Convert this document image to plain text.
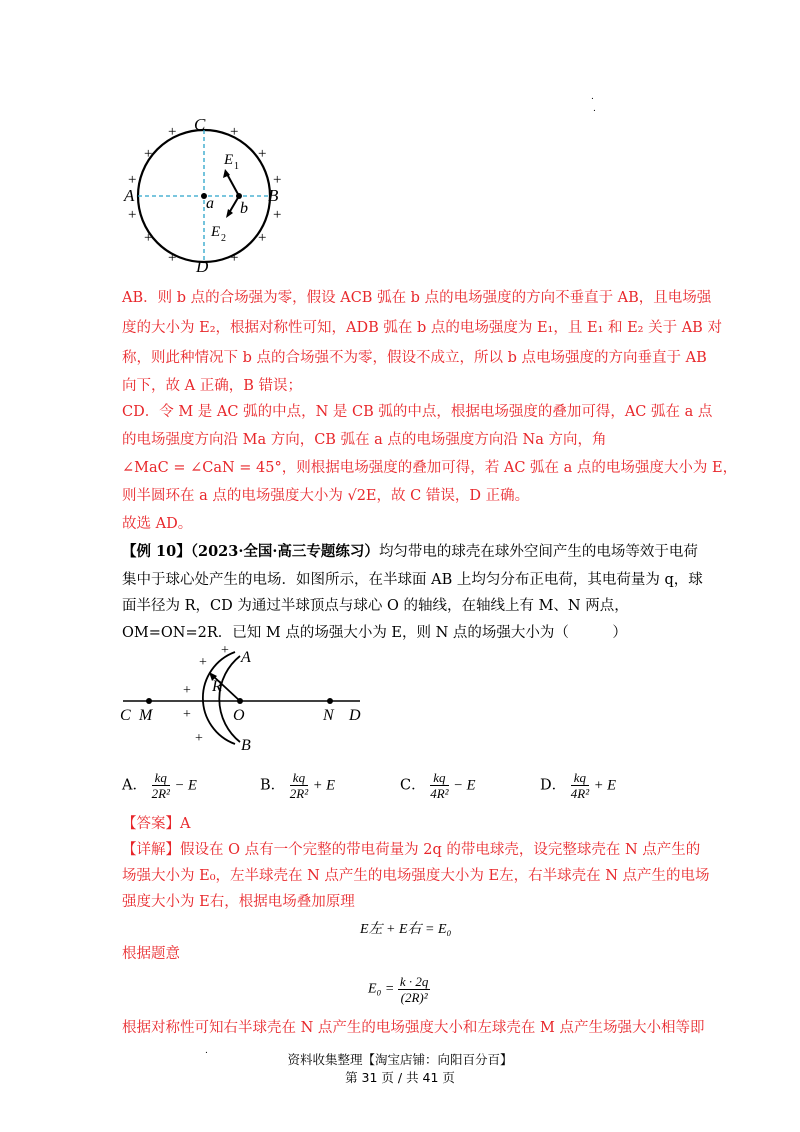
.
.
C
A	B
D
a b
E 1
E 2
+	+
+	+
+	+
+	+
+	+
+	+
AB．则 b 点的合场强为零，假设 ACB 弧在 b 点的电场强度的方向不垂直于 AB，且电场强
度的大小为 E₂，根据对称性可知，ADB 弧在 b 点的电场强度为 E₁，且 E₁ 和 E₂ 关于 AB 对
称，则此种情况下 b 点的合场强不为零，假设不成立，所以 b 点电场强度的方向垂直于 AB
向下，故 A 正确，B 错误；
CD．令 M 是 AC 弧的中点，N 是 CB 弧的中点，根据电场强度的叠加可得，AC 弧在 a 点
的电场强度方向沿 Ma 方向，CB 弧在 a 点的电场强度方向沿 Na 方向，角
∠MaC = ∠CaN = 45°，则根据电场强度的叠加可得，若 AC 弧在 a 点的电场强度大小为 E，
则半圆环在 a 点的电场强度大小为 √2E，故 C 错误，D 正确。
故选 AD。
【例 10】（2023·全国·高三专题练习）均匀带电的球壳在球外空间产生的电场等效于电荷
集中于球心处产生的电场．如图所示，在半球面 AB 上均匀分布正电荷，其电荷量为 q，球
面半径为 R，CD 为通过半球顶点与球心 O 的轴线，在轴线上有 M、N 两点，
OM=ON=2R．已知 M 点的场强大小为 E，则 N 点的场强大小为（　　　）
A
B
R
C M	O	N D
+
+
+
+
+
A． $\frac{kq}{\text{2R²}} - E$	B． $\frac{kq}{\text{2R²}} + E$	C． $\frac{kq}{\text{4R²}} - E$	D． $\frac{kq}{\text{4R²}} + E$
【答案】A
【详解】假设在 O 点有一个完整的带电荷量为 2q 的带电球壳，设完整球壳在 N 点产生的
场强大小为 E₀，左半球壳在 N 点产生的电场强度大小为 E左，右半球壳在 N 点产生的电场
强度大小为 E右，根据电场叠加原理
E左 + E右 = E₀
根据题意
$E_0 = \frac{k \cdot 2q}{\text{(2R)²}}$
根据对称性可知右半球壳在 N 点产生的电场强度大小和左球壳在 M 点产生场强大小相等即
.
资料收集整理【淘宝店铺：向阳百分百】
第 31 页 / 共 41 页
